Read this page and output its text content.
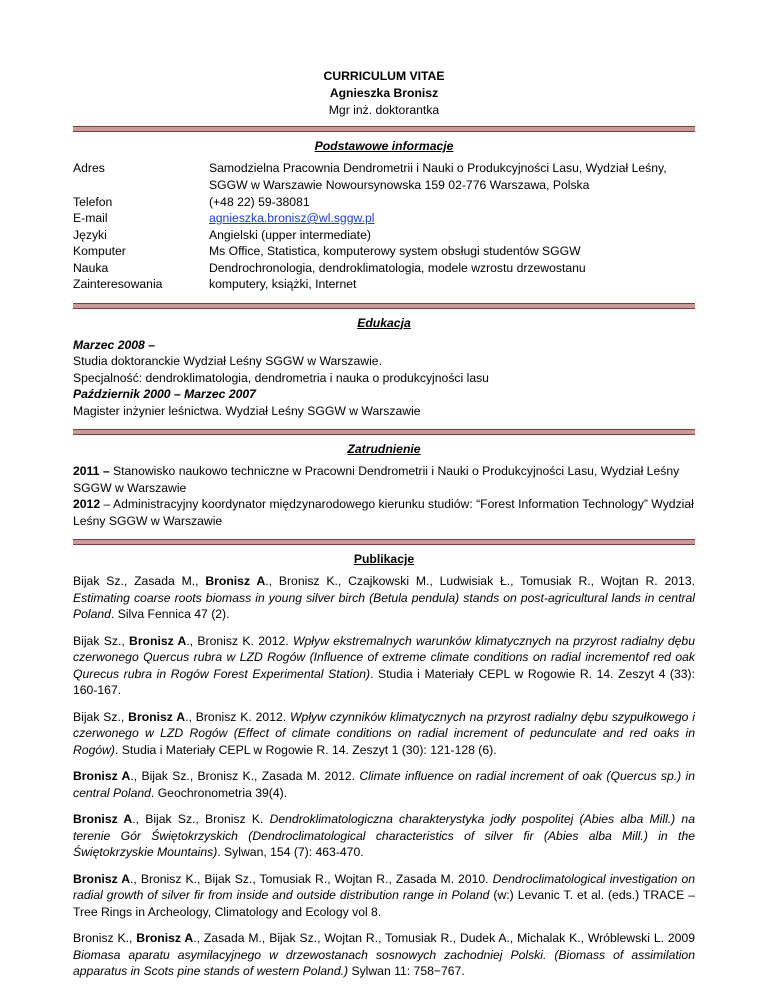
CURRICULUM VITAE
Agnieszka Bronisz
Mgr inż. doktorantka
Podstawowe informacje
Adres	Samodzielna Pracownia Dendrometrii i Nauki o Produkcyjności Lasu, Wydział Leśny, SGGW w Warszawie Nowoursynowska 159 02-776 Warszawa, Polska
Telefon	(+48 22) 59-38081
E-mail	agnieszka.bronisz@wl.sggw.pl
Języki	Angielski (upper intermediate)
Komputer	Ms Office, Statistica, komputerowy system obsługi studentów SGGW
Nauka	Dendrochronologia, dendroklimatologia, modele wzrostu drzewostanu
Zainteresowania	komputery, książki, Internet
Edukacja

Marzec 2008 –

Studia doktoranckie Wydział Leśny SGGW w Warszawie.

Specjalność: dendroklimatologia, dendrometria i nauka o produkcyjności lasu

Październik 2000 – Marzec 2007

Magister inżynier leśnictwa. Wydział Leśny SGGW w Warszawie

Zatrudnienie

2011 – Stanowisko naukowo techniczne w Pracowni Dendrometrii i Nauki o Produkcyjności Lasu, Wydział Leśny SGGW w Warszawie

2012 – Administracyjny koordynator międzynarodowego kierunku studiów: “Forest Information Technology” Wydział Leśny SGGW w Warszawie

Publikacje

Bijak Sz., Zasada M., Bronisz A., Bronisz K., Czajkowski M., Ludwisiak Ł., Tomusiak R., Wojtan R. 2013. Estimating coarse roots biomass in young silver birch (Betula pendula) stands on post-agricultural lands in central Poland. Silva Fennica 47 (2).

Bijak Sz., Bronisz A., Bronisz K. 2012. Wpływ ekstremalnych warunków klimatycznych na przyrost radialny dębu czerwonego Quercus rubra w LZD Rogów (Influence of extreme climate conditions on radial incrementof red oak Qurecus rubra in Rogów Forest Experimental Station). Studia i Materiały CEPL w Rogowie R. 14. Zeszyt 4 (33): 160-167.

Bijak Sz., Bronisz A., Bronisz K. 2012. Wpływ czynników klimatycznych na przyrost radialny dębu szypułkowego i czerwonego w LZD Rogów (Effect of climate conditions on radial increment of pedunculate and red oaks in Rogów). Studia i Materiały CEPL w Rogowie R. 14. Zeszyt 1 (30): 121-128 (6).

Bronisz A., Bijak Sz., Bronisz K., Zasada M. 2012. Climate influence on radial increment of oak (Quercus sp.) in central Poland. Geochronometria 39(4).

Bronisz A., Bijak Sz., Bronisz K. Dendroklimatologiczna charakterystyka jodły pospolitej (Abies alba Mill.) na terenie Gór Świętokrzyskich (Dendroclimatological characteristics of silver fir (Abies alba Mill.) in the Świętokrzyskie Mountains). Sylwan, 154 (7): 463-470.

Bronisz A., Bronisz K., Bijak Sz., Tomusiak R., Wojtan R., Zasada M. 2010. Dendroclimatological investigation on radial growth of silver fir from inside and outside distribution range in Poland (w:) Levanic T. et al. (eds.) TRACE – Tree Rings in Archeology, Climatology and Ecology vol 8.

Bronisz K., Bronisz A., Zasada M., Bijak Sz., Wojtan R., Tomusiak R., Dudek A., Michalak K., Wróblewski L. 2009 Biomasa aparatu asymilacyjnego w drzewostanach sosnowych zachodniej Polski. (Biomass of assimilation apparatus in Scots pine stands of western Poland.) Sylwan 11: 758−767.
